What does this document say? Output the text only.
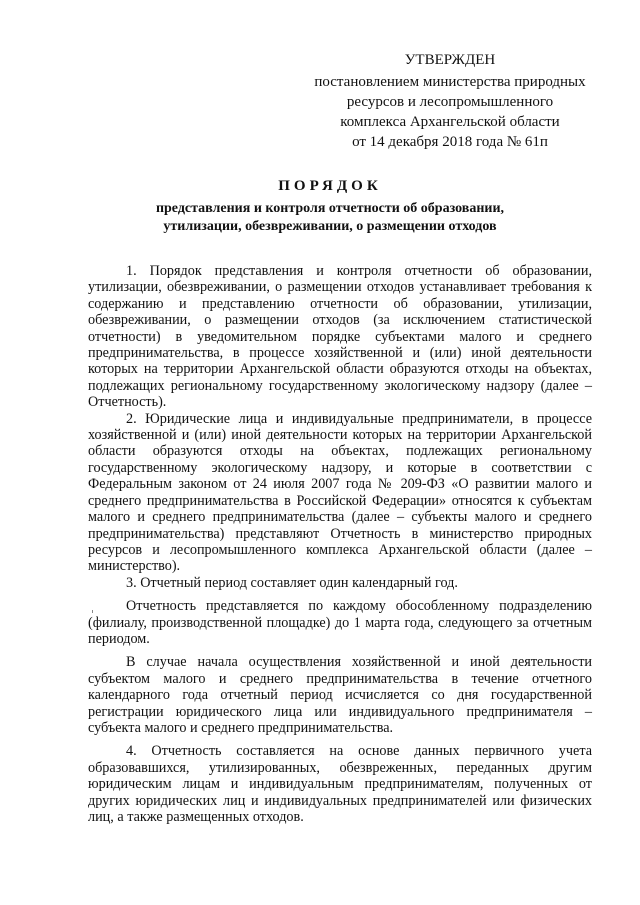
УТВЕРЖДЕН
постановлением министерства природных
ресурсов и лесопромышленного
комплекса Архангельской области
от 14 декабря 2018 года № 61п
ПОРЯДОК
представления и контроля отчетности об образовании,
утилизации, обезвреживании, о размещении отходов

1. Порядок представления и контроля отчетности об образовании, утилизации, обезвреживании, о размещении отходов устанавливает требования к содержанию и представлению отчетности об образовании, утилизации, обезвреживании, о размещении отходов (за исключением статистической отчетности) в уведомительном порядке субъектами малого и среднего предпринимательства, в процессе хозяйственной и (или) иной деятельности которых на территории Архангельской области образуются отходы на объектах, подлежащих региональному государственному экологическому надзору (далее – Отчетность).

2. Юридические лица и индивидуальные предприниматели, в процессе хозяйственной и (или) иной деятельности которых на территории Архангельской области образуются отходы на объектах, подлежащих региональному государственному экологическому надзору, и которые в соответствии с Федеральным законом от 24 июля 2007 года № 209-ФЗ «О развитии малого и среднего предпринимательства в Российской Федерации» относятся к субъектам малого и среднего предпринимательства (далее – субъекты малого и среднего предпринимательства) представляют Отчетность в министерство природных ресурсов и лесопромышленного комплекса Архангельской области (далее – министерство).

3. Отчетный период составляет один календарный год.

Отчетность представляется по каждому обособленному подразделению (филиалу, производственной площадке) до 1 марта года, следующего за отчетным периодом.

В случае начала осуществления хозяйственной и иной деятельности субъектом малого и среднего предпринимательства в течение отчетного календарного года отчетный период исчисляется со дня государственной регистрации юридического лица или индивидуального предпринимателя – субъекта малого и среднего предпринимательства.

4. Отчетность составляется на основе данных первичного учета образовавшихся, утилизированных, обезвреженных, переданных другим юридическим лицам и индивидуальным предпринимателям, полученных от других юридических лиц и индивидуальных предпринимателей или физических лиц, а также размещенных отходов.
